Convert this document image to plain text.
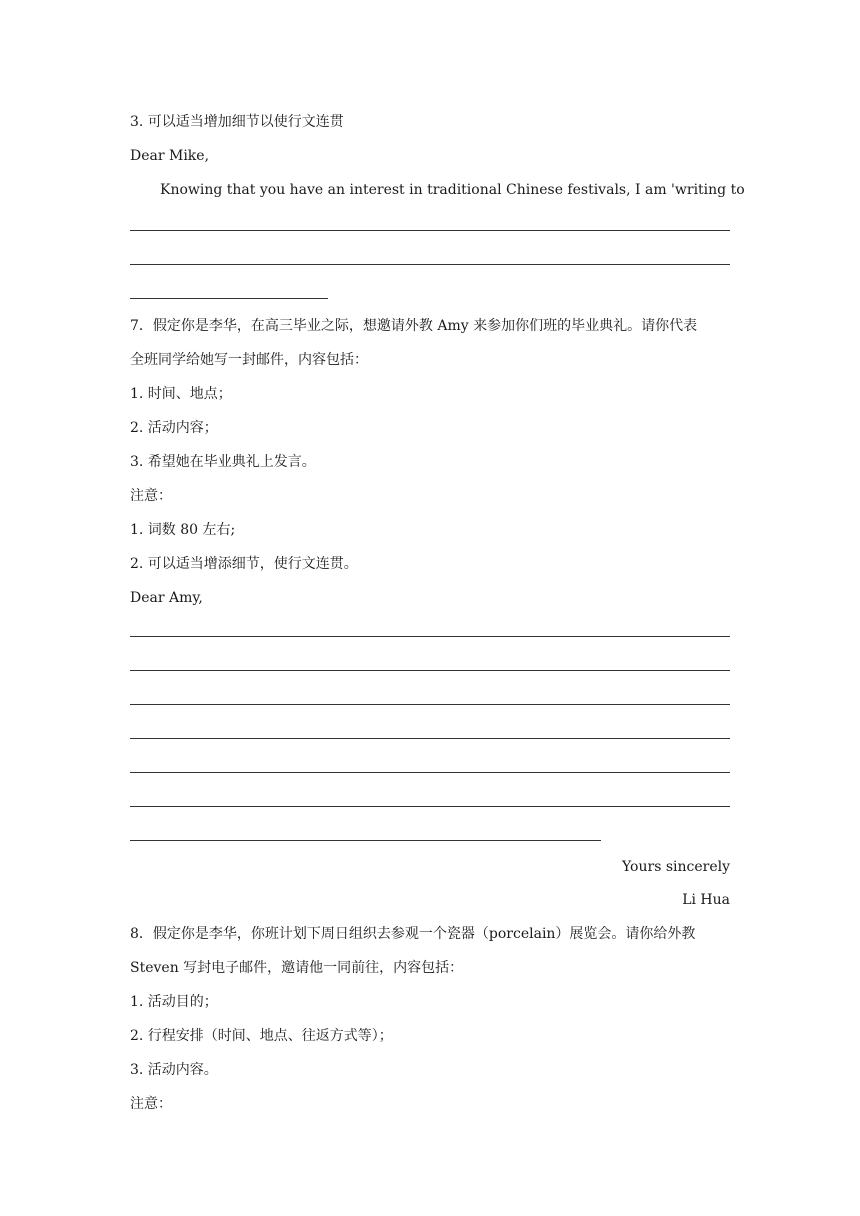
3. 可以适当增加细节以使行文连贯
Dear Mike,
Knowing that you have an interest in traditional Chinese festivals, I am 'writing to
7．假定你是李华，在高三毕业之际，想邀请外教 Amy 来参加你们班的毕业典礼。请你代表
全班同学给她写一封邮件，内容包括：
1. 时间、地点；
2. 活动内容；
3. 希望她在毕业典礼上发言。
注意：
1. 词数 80 左右;
2. 可以适当增添细节，使行文连贯。
Dear Amy,
Yours sincerely
Li Hua
8．假定你是李华，你班计划下周日组织去参观一个瓷器（porcelain）展览会。请你给外教
Steven 写封电子邮件，邀请他一同前往，内容包括：
1. 活动目的；
2. 行程安排（时间、地点、往返方式等）；
3. 活动内容。
注意：
